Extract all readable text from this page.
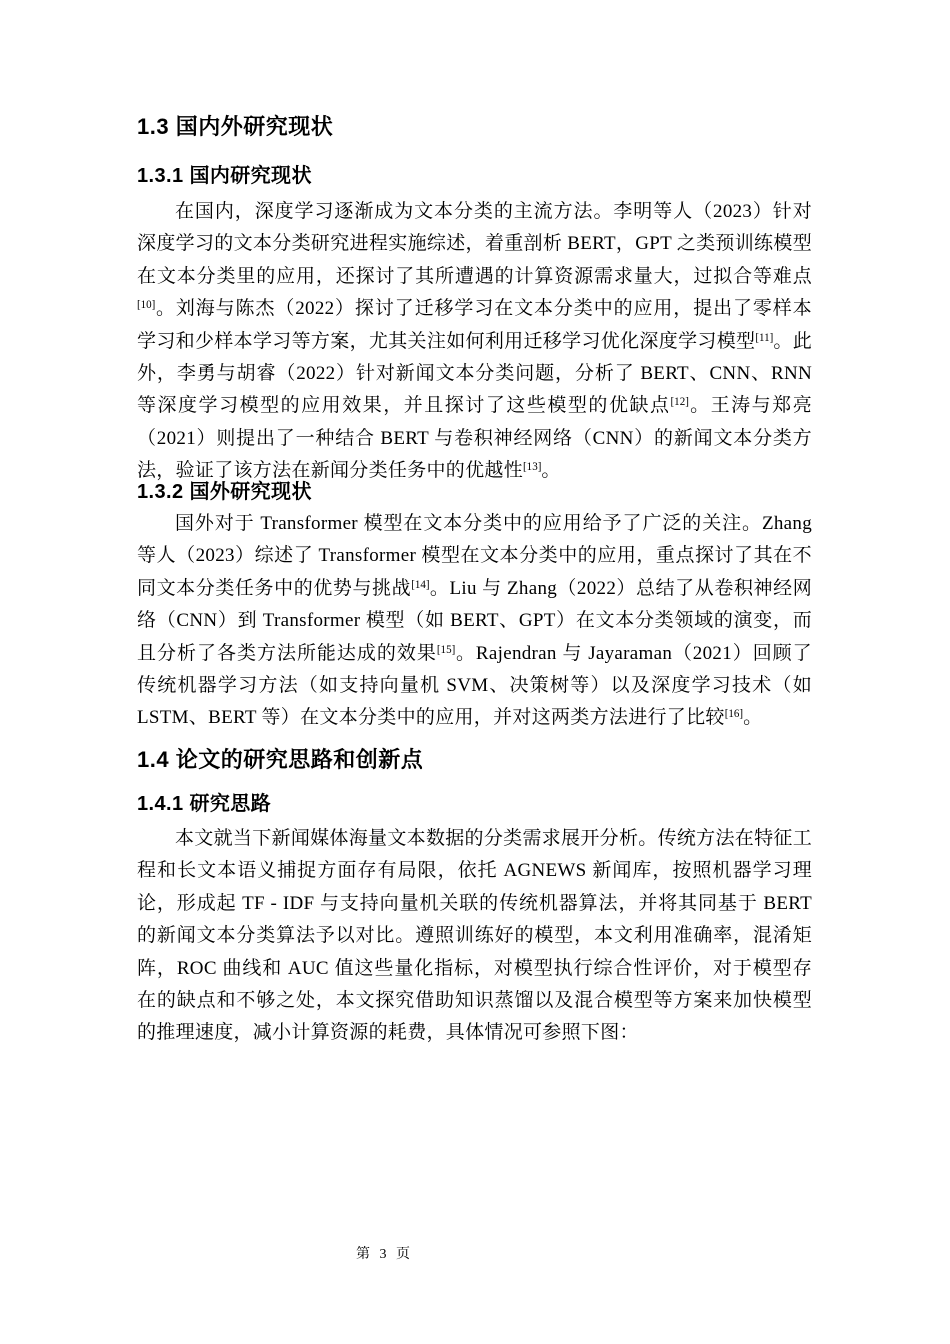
1.3 国内外研究现状
1.3.1 国内研究现状

在国内，深度学习逐渐成为文本分类的主流方法。李明等人（2023）针对深度学习的文本分类研究进程实施综述，着重剖析 BERT，GPT 之类预训练模型在文本分类里的应用，还探讨了其所遭遇的计算资源需求量大，过拟合等难点[10]。刘海与陈杰（2022）探讨了迁移学习在文本分类中的应用，提出了零样本学习和少样本学习等方案，尤其关注如何利用迁移学习优化深度学习模型[11]。此外，李勇与胡睿（2022）针对新闻文本分类问题，分析了 BERT、CNN、RNN 等深度学习模型的应用效果，并且探讨了这些模型的优缺点[12]。王涛与郑亮（2021）则提出了一种结合 BERT 与卷积神经网络（CNN）的新闻文本分类方法，验证了该方法在新闻分类任务中的优越性[13]。

1.3.2 国外研究现状

国外对于 Transformer 模型在文本分类中的应用给予了广泛的关注。Zhang 等人（2023）综述了 Transformer 模型在文本分类中的应用，重点探讨了其在不同文本分类任务中的优势与挑战[14]。Liu 与 Zhang（2022）总结了从卷积神经网络（CNN）到 Transformer 模型（如 BERT、GPT）在文本分类领域的演变，而且分析了各类方法所能达成的效果[15]。Rajendran 与 Jayaraman（2021）回顾了传统机器学习方法（如支持向量机 SVM、决策树等）以及深度学习技术（如 LSTM、BERT 等）在文本分类中的应用，并对这两类方法进行了比较[16]。

1.4 论文的研究思路和创新点
1.4.1 研究思路

本文就当下新闻媒体海量文本数据的分类需求展开分析。传统方法在特征工程和长文本语义捕捉方面存有局限，依托 AGNEWS 新闻库，按照机器学习理论，形成起 TF - IDF 与支持向量机关联的传统机器算法，并将其同基于 BERT 的新闻文本分类算法予以对比。遵照训练好的模型，本文利用准确率，混淆矩阵，ROC 曲线和 AUC 值这些量化指标，对模型执行综合性评价，对于模型存在的缺点和不够之处，本文探究借助知识蒸馏以及混合模型等方案来加快模型的推理速度，减小计算资源的耗费，具体情况可参照下图：

第 3 页
